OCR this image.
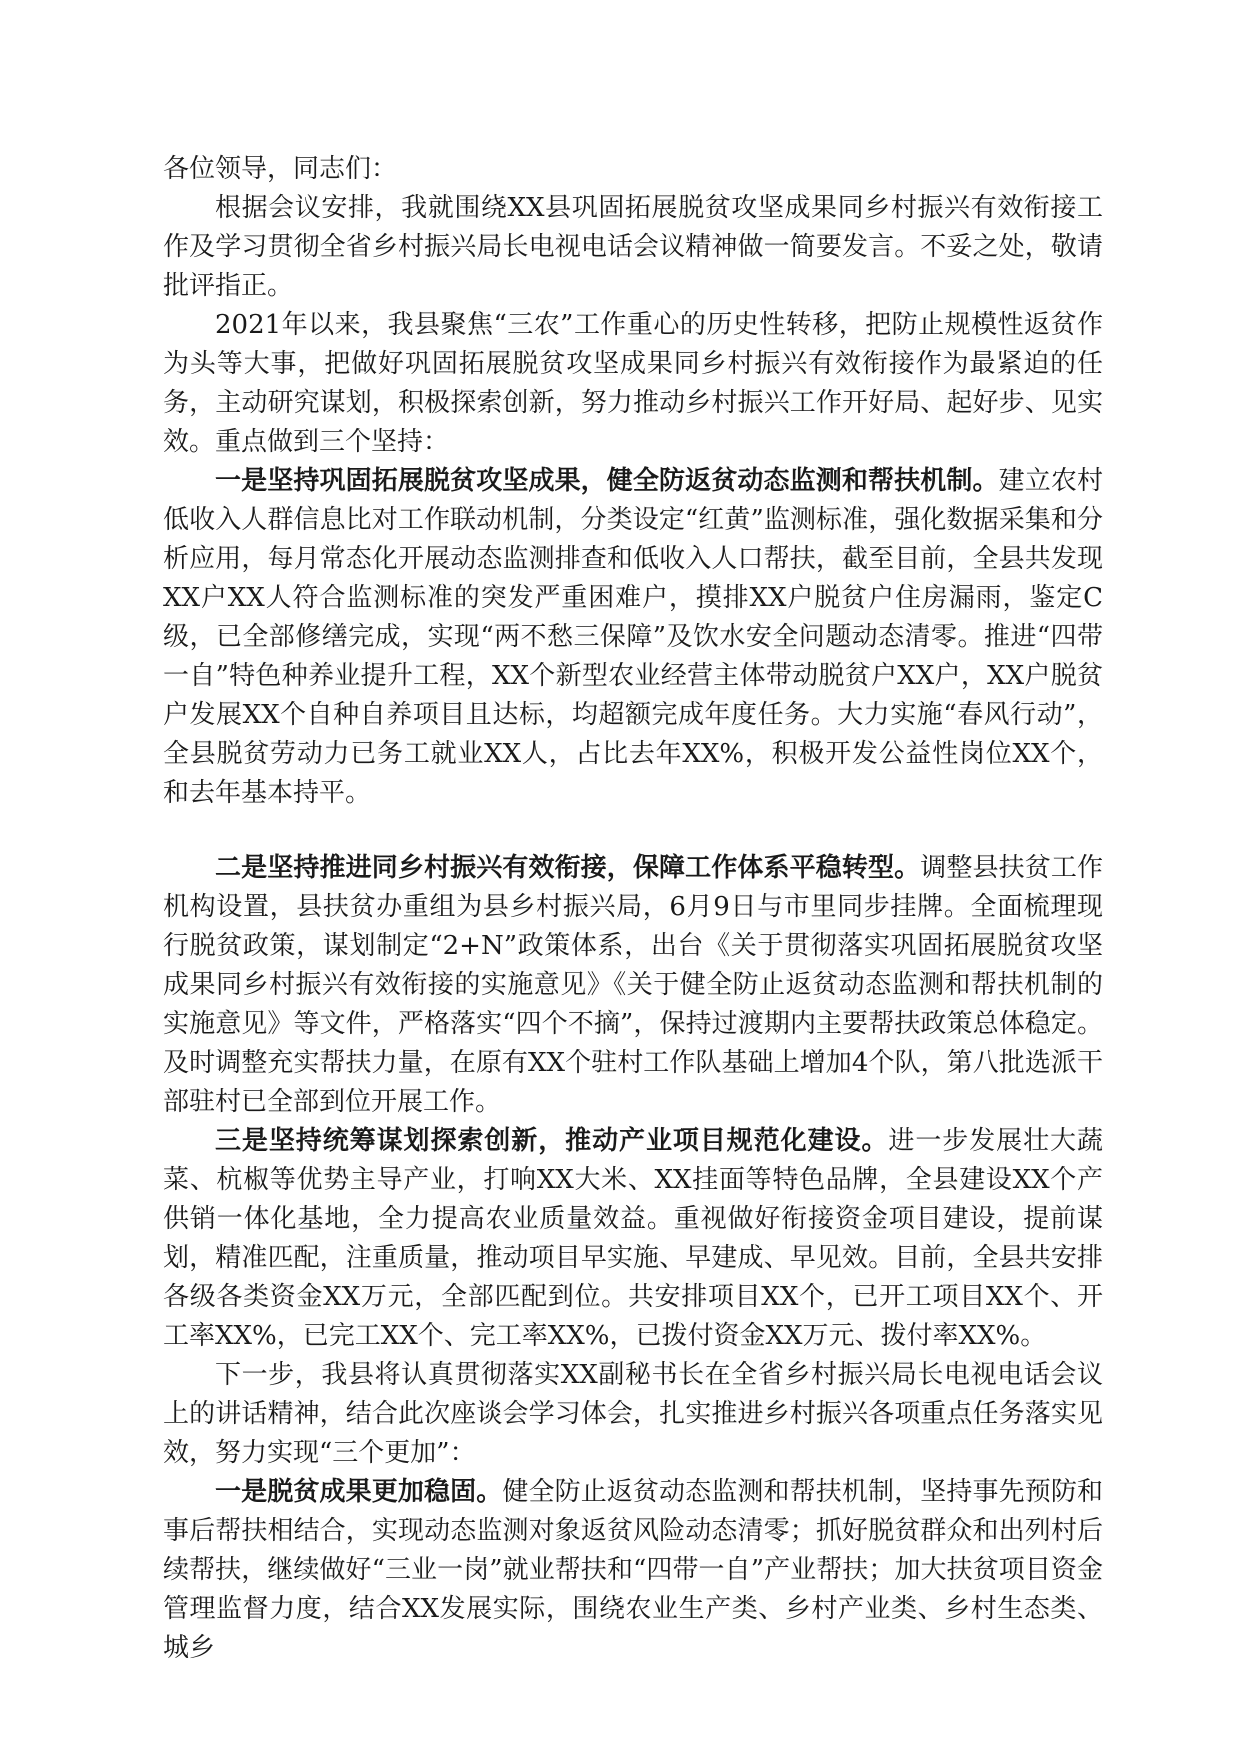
各位领导，同志们：

根据会议安排，我就围绕XX县巩固拓展脱贫攻坚成果同乡村振兴有效衔接工作及学习贯彻全省乡村振兴局长电视电话会议精神做一简要发言。不妥之处，敬请批评指正。

2021年以来，我县聚焦“三农”工作重心的历史性转移，把防止规模性返贫作为头等大事，把做好巩固拓展脱贫攻坚成果同乡村振兴有效衔接作为最紧迫的任务，主动研究谋划，积极探索创新，努力推动乡村振兴工作开好局、起好步、见实效。重点做到三个坚持：

一是坚持巩固拓展脱贫攻坚成果，健全防返贫动态监测和帮扶机制。建立农村低收入人群信息比对工作联动机制，分类设定“红黄”监测标准，强化数据采集和分析应用，每月常态化开展动态监测排查和低收入人口帮扶，截至目前，全县共发现XX户XX人符合监测标准的突发严重困难户，摸排XX户脱贫户住房漏雨，鉴定C级，已全部修缮完成，实现“两不愁三保障”及饮水安全问题动态清零。推进“四带一自”特色种养业提升工程，XX个新型农业经营主体带动脱贫户XX户，XX户脱贫户发展XX个自种自养项目且达标，均超额完成年度任务。大力实施“春风行动”，全县脱贫劳动力已务工就业XX人，占比去年XX%，积极开发公益性岗位XX个，和去年基本持平。

二是坚持推进同乡村振兴有效衔接，保障工作体系平稳转型。调整县扶贫工作机构设置，县扶贫办重组为县乡村振兴局，6月9日与市里同步挂牌。全面梳理现行脱贫政策，谋划制定“2+N”政策体系，出台《关于贯彻落实巩固拓展脱贫攻坚成果同乡村振兴有效衔接的实施意见》《关于健全防止返贫动态监测和帮扶机制的实施意见》等文件，严格落实“四个不摘”，保持过渡期内主要帮扶政策总体稳定。及时调整充实帮扶力量，在原有XX个驻村工作队基础上增加4个队，第八批选派干部驻村已全部到位开展工作。

三是坚持统筹谋划探索创新，推动产业项目规范化建设。进一步发展壮大蔬菜、杭椒等优势主导产业，打响XX大米、XX挂面等特色品牌，全县建设XX个产供销一体化基地，全力提高农业质量效益。重视做好衔接资金项目建设，提前谋划，精准匹配，注重质量，推动项目早实施、早建成、早见效。目前，全县共安排各级各类资金XX万元，全部匹配到位。共安排项目XX个，已开工项目XX个、开工率XX%，已完工XX个、完工率XX%，已拨付资金XX万元、拨付率XX%。

下一步，我县将认真贯彻落实XX副秘书长在全省乡村振兴局长电视电话会议上的讲话精神，结合此次座谈会学习体会，扎实推进乡村振兴各项重点任务落实见效，努力实现“三个更加”：

一是脱贫成果更加稳固。健全防止返贫动态监测和帮扶机制，坚持事先预防和事后帮扶相结合，实现动态监测对象返贫风险动态清零；抓好脱贫群众和出列村后续帮扶，继续做好“三业一岗”就业帮扶和“四带一自”产业帮扶；加大扶贫项目资金管理监督力度，结合XX发展实际，围绕农业生产类、乡村产业类、乡村生态类、城乡
